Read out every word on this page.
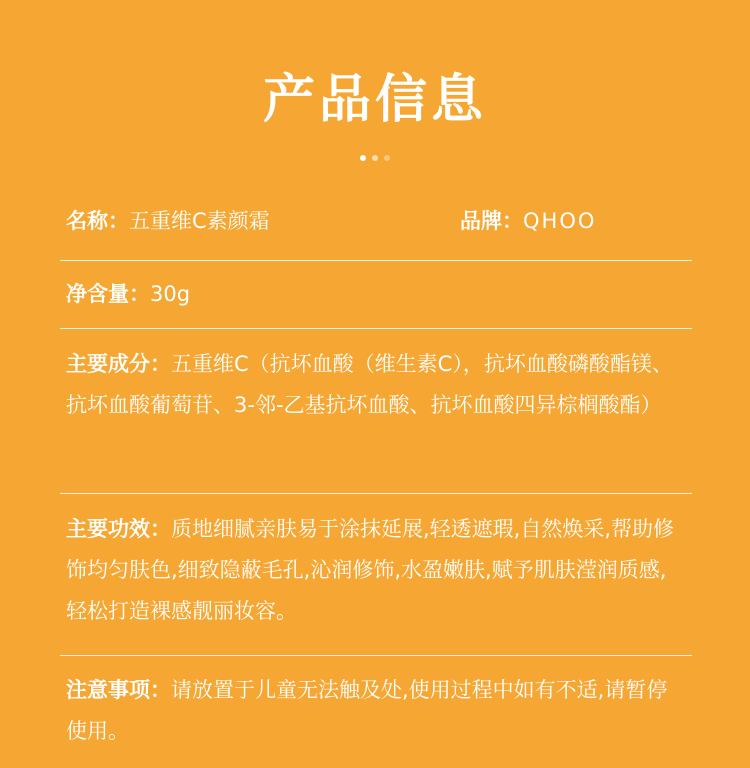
产品信息
名称：五重维C素颜霜	品牌：QHOO
净含量：30g
主要成分：五重维C（抗坏血酸（维生素C），抗坏血酸磷酸酯镁、抗坏血酸葡萄苷、3-邻-乙基抗坏血酸、抗坏血酸四异棕榈酸酯）
主要功效：质地细腻亲肤易于涂抹延展,轻透遮瑕,自然焕采,帮助修饰均匀肤色,细致隐蔽毛孔,沁润修饰,水盈嫩肤,赋予肌肤滢润质感,轻松打造裸感靓丽妆容。
注意事项：请放置于儿童无法触及处,使用过程中如有不适,请暂停使用。
